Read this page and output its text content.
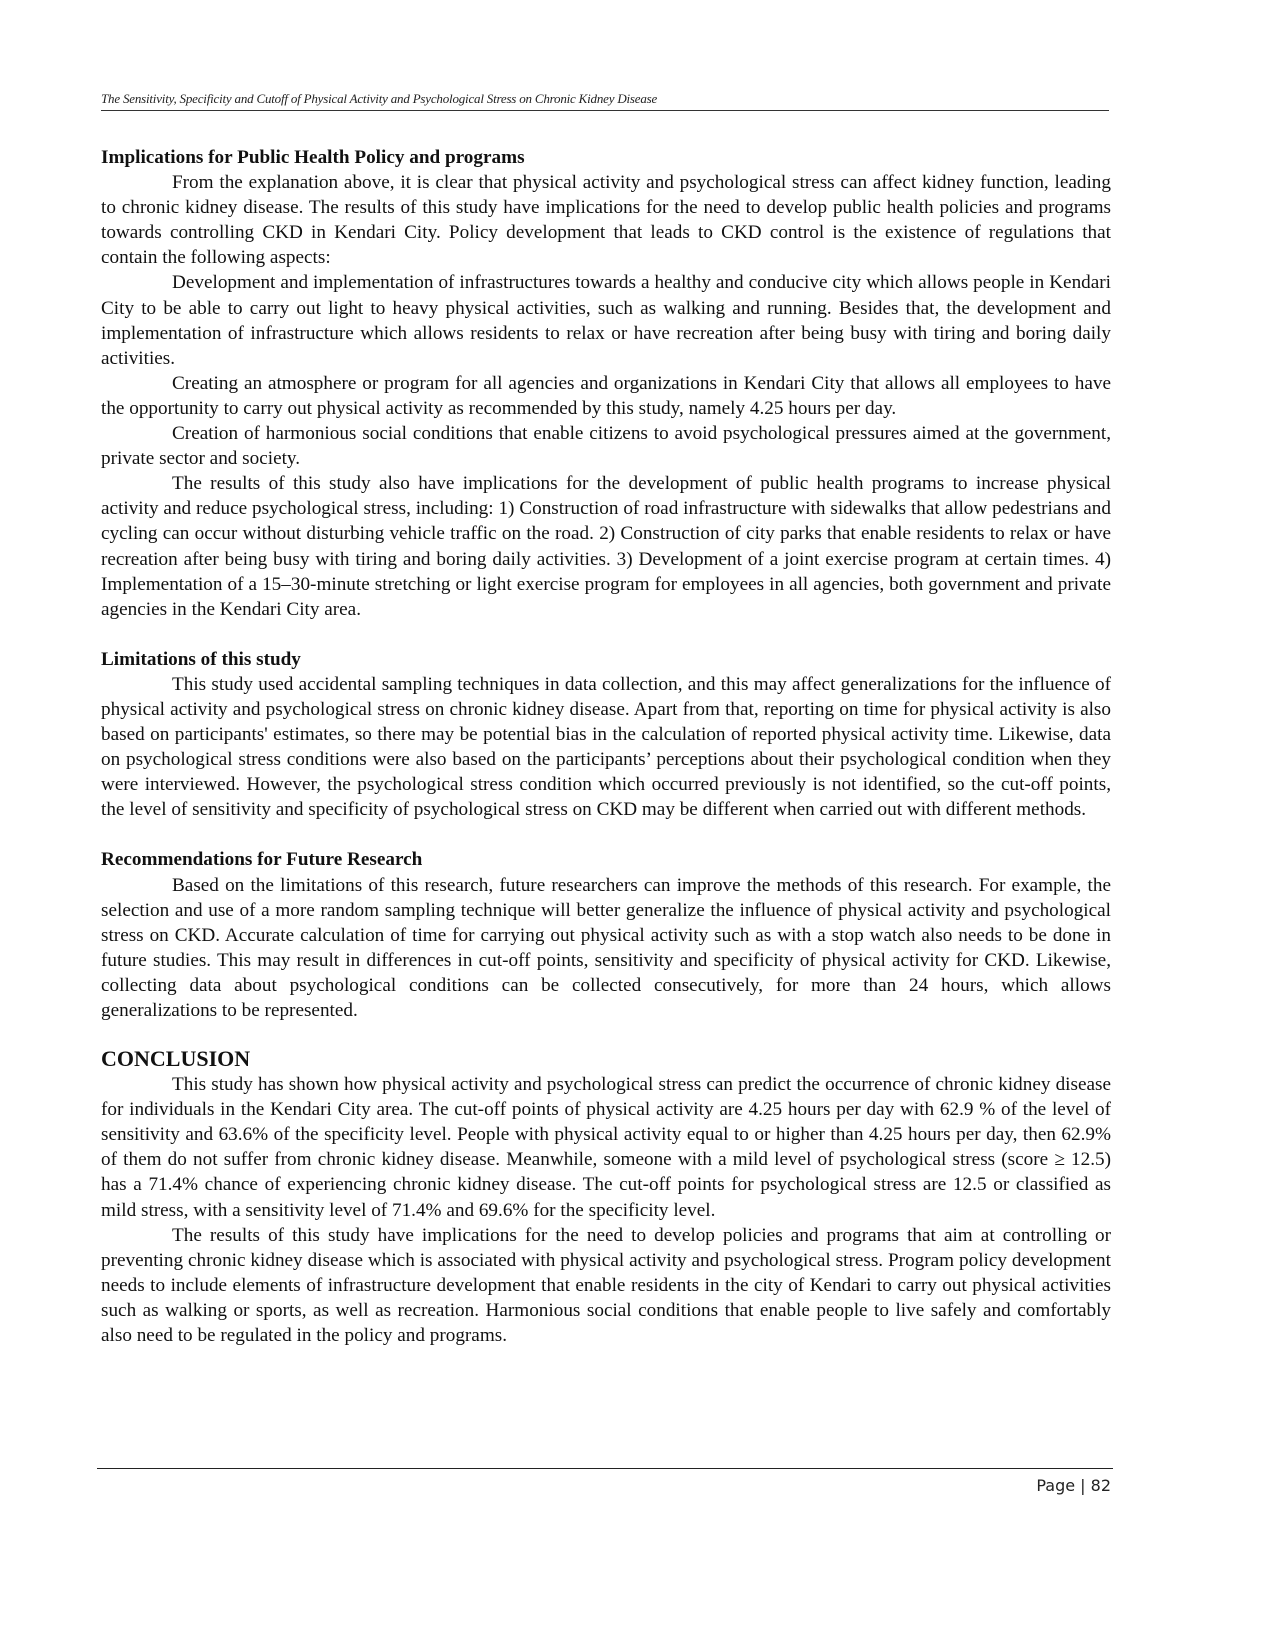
The Sensitivity, Specificity and Cutoff of Physical Activity and Psychological Stress on Chronic Kidney Disease

Implications for Public Health Policy and programs

From the explanation above, it is clear that physical activity and psychological stress can affect kidney function, leading to chronic kidney disease. The results of this study have implications for the need to develop public health policies and programs towards controlling CKD in Kendari City. Policy development that leads to CKD control is the existence of regulations that contain the following aspects:

Development and implementation of infrastructures towards a healthy and conducive city which allows people in Kendari City to be able to carry out light to heavy physical activities, such as walking and running. Besides that, the development and implementation of infrastructure which allows residents to relax or have recreation after being busy with tiring and boring daily activities.

Creating an atmosphere or program for all agencies and organizations in Kendari City that allows all employees to have the opportunity to carry out physical activity as recommended by this study, namely 4.25 hours per day.

Creation of harmonious social conditions that enable citizens to avoid psychological pressures aimed at the government, private sector and society.

The results of this study also have implications for the development of public health programs to increase physical activity and reduce psychological stress, including: 1) Construction of road infrastructure with sidewalks that allow pedestrians and cycling can occur without disturbing vehicle traffic on the road. 2) Construction of city parks that enable residents to relax or have recreation after being busy with tiring and boring daily activities. 3) Development of a joint exercise program at certain times. 4) Implementation of a 15–30-minute stretching or light exercise program for employees in all agencies, both government and private agencies in the Kendari City area.

Limitations of this study

This study used accidental sampling techniques in data collection, and this may affect generalizations for the influence of physical activity and psychological stress on chronic kidney disease. Apart from that, reporting on time for physical activity is also based on participants' estimates, so there may be potential bias in the calculation of reported physical activity time. Likewise, data on psychological stress conditions were also based on the participants’ perceptions about their psychological condition when they were interviewed. However, the psychological stress condition which occurred previously is not identified, so the cut-off points, the level of sensitivity and specificity of psychological stress on CKD may be different when carried out with different methods.

Recommendations for Future Research

Based on the limitations of this research, future researchers can improve the methods of this research. For example, the selection and use of a more random sampling technique will better generalize the influence of physical activity and psychological stress on CKD. Accurate calculation of time for carrying out physical activity such as with a stop watch also needs to be done in future studies. This may result in differences in cut-off points, sensitivity and specificity of physical activity for CKD. Likewise, collecting data about psychological conditions can be collected consecutively, for more than 24 hours, which allows generalizations to be represented.

CONCLUSION

This study has shown how physical activity and psychological stress can predict the occurrence of chronic kidney disease for individuals in the Kendari City area. The cut-off points of physical activity are 4.25 hours per day with 62.9 % of the level of sensitivity and 63.6% of the specificity level. People with physical activity equal to or higher than 4.25 hours per day, then 62.9% of them do not suffer from chronic kidney disease. Meanwhile, someone with a mild level of psychological stress (score ≥ 12.5) has a 71.4% chance of experiencing chronic kidney disease. The cut-off points for psychological stress are 12.5 or classified as mild stress, with a sensitivity level of 71.4% and 69.6% for the specificity level.

The results of this study have implications for the need to develop policies and programs that aim at controlling or preventing chronic kidney disease which is associated with physical activity and psychological stress. Program policy development needs to include elements of infrastructure development that enable residents in the city of Kendari to carry out physical activities such as walking or sports, as well as recreation. Harmonious social conditions that enable people to live safely and comfortably also need to be regulated in the policy and programs.

Page | 82
